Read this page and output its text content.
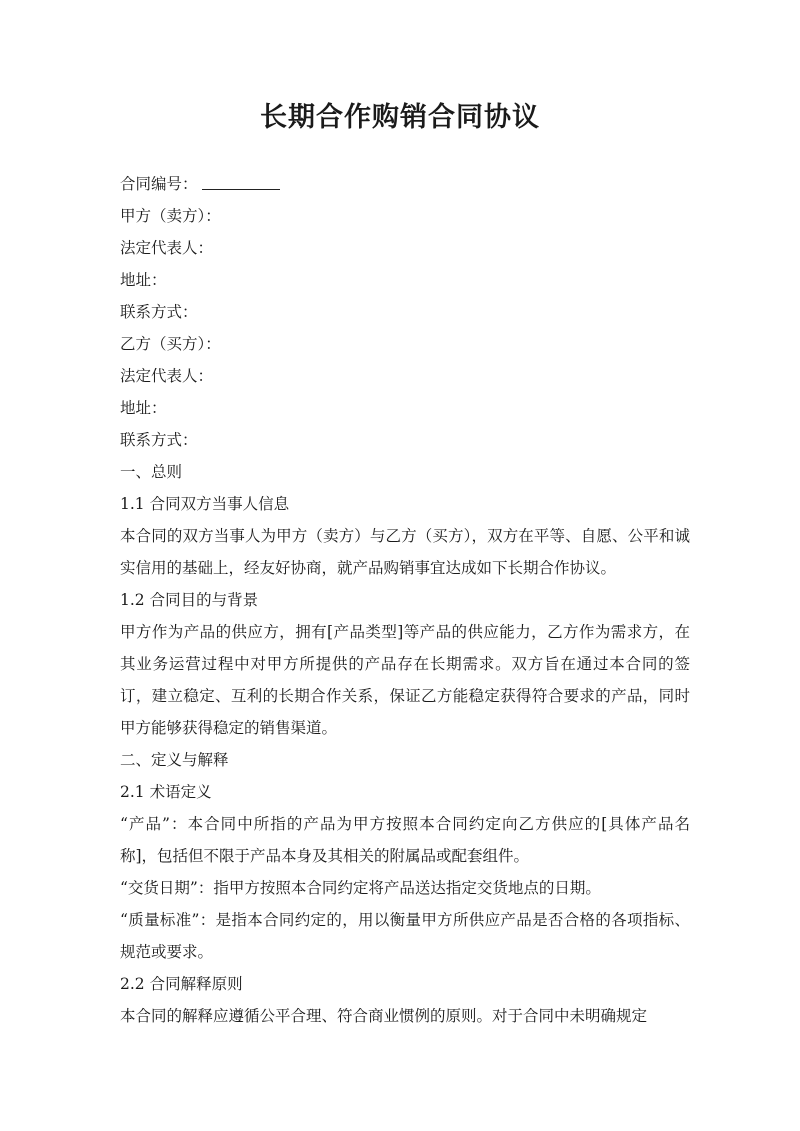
长期合作购销合同协议
合同编号：
甲方（卖方）：
法定代表人：
地址：
联系方式：
乙方（买方）：
法定代表人：
地址：
联系方式：
一、总则
1.1 合同双方当事人信息
本合同的双方当事人为甲方（卖方）与乙方（买方），双方在平等、自愿、公平和诚实信用的基础上，经友好协商，就产品购销事宜达成如下长期合作协议。
1.2 合同目的与背景
甲方作为产品的供应方，拥有[产品类型]等产品的供应能力，乙方作为需求方，在其业务运营过程中对甲方所提供的产品存在长期需求。双方旨在通过本合同的签订，建立稳定、互利的长期合作关系，保证乙方能稳定获得符合要求的产品，同时甲方能够获得稳定的销售渠道。
二、定义与解释
2.1 术语定义
“产品”：本合同中所指的产品为甲方按照本合同约定向乙方供应的[具体产品名称]，包括但不限于产品本身及其相关的附属品或配套组件。
“交货日期”：指甲方按照本合同约定将产品送达指定交货地点的日期。
“质量标准”：是指本合同约定的，用以衡量甲方所供应产品是否合格的各项指标、规范或要求。
2.2 合同解释原则
本合同的解释应遵循公平合理、符合商业惯例的原则。对于合同中未明确规定
